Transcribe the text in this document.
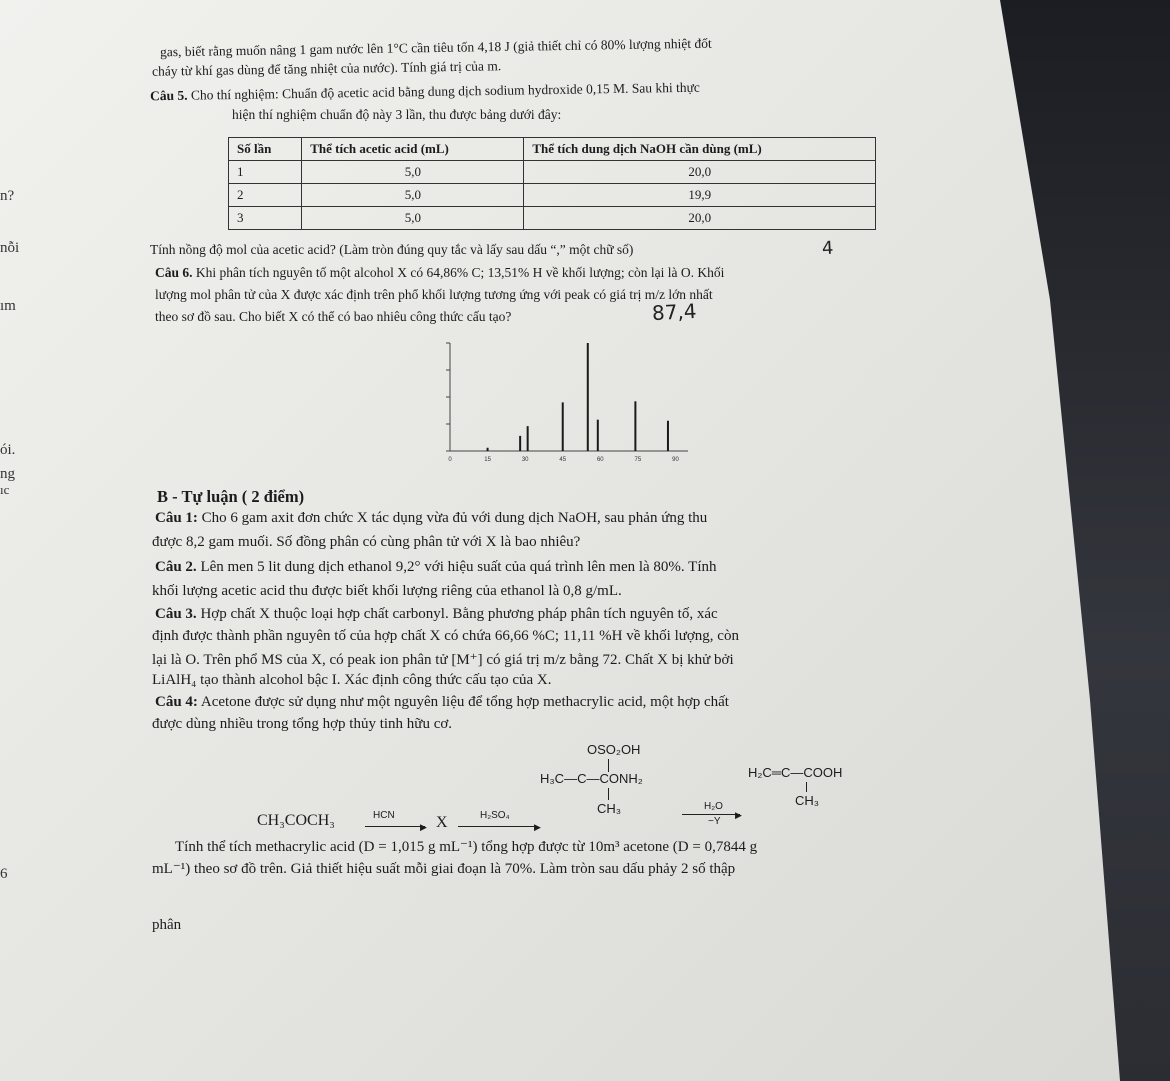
n?
nỗi
ım
ói.
ng
ıc
6
gas, biết rằng muốn nâng 1 gam nước lên 1°C cần tiêu tốn 4,18 J (giả thiết chỉ có 80% lượng nhiệt đốt
cháy từ khí gas dùng để tăng nhiệt của nước). Tính giá trị của m.
Câu 5. Cho thí nghiệm: Chuẩn độ acetic acid bằng dung dịch sodium hydroxide 0,15 M. Sau khi thực
hiện thí nghiệm chuẩn độ này 3 lần, thu được bảng dưới đây:
Số lần	Thể tích acetic acid (mL)	Thể tích dung dịch NaOH cần dùng (mL)
1	5,0	20,0
2	5,0	19,9
3	5,0	20,0
Tính nồng độ mol của acetic acid? (Làm tròn đúng quy tắc và lấy sau dấu “,” một chữ số)	4
Câu 6. Khi phân tích nguyên tố một alcohol X có 64,86% C; 13,51% H về khối lượng; còn lại là O. Khối
lượng mol phân tử của X được xác định trên phổ khối lượng tương ứng với peak có giá trị m/z lớn nhất
theo sơ đồ sau. Cho biết X có thể có bao nhiêu công thức cấu tạo?	87,4
0	15	30	45	60	75	90
B - Tự luận ( 2 điểm)
Câu 1: Cho 6 gam axit đơn chức X tác dụng vừa đủ với dung dịch NaOH, sau phản ứng thu
được 8,2 gam muối. Số đồng phân có cùng phân tử với X là bao nhiêu?
Câu 2. Lên men 5 lit dung dịch ethanol 9,2° với hiệu suất của quá trình lên men là 80%. Tính
khối lượng acetic acid thu được biết khối lượng riêng của ethanol là 0,8 g/mL.
Câu 3. Hợp chất X thuộc loại hợp chất carbonyl. Bằng phương pháp phân tích nguyên tố, xác
định được thành phần nguyên tố của hợp chất X có chứa 66,66 %C; 11,11 %H về khối lượng, còn
lại là O. Trên phổ MS của X, có peak ion phân tử [M⁺] có giá trị m/z bằng 72. Chất X bị khử bởi
LiAlH₄ tạo thành alcohol bậc I. Xác định công thức cấu tạo của X.
Câu 4: Acetone được sử dụng như một nguyên liệu để tổng hợp methacrylic acid, một hợp chất
được dùng nhiều trong tổng hợp thủy tinh hữu cơ.
OSO₂OH
H₃C—C—CONH₂
CH₃
H₂C═C—COOH
CH₃
CH₃COCH₃	HCN
▶ X	H₂SO₄
▶
H₂O
▶
−Y
Tính thể tích methacrylic acid (D = 1,015 g mL⁻¹) tổng hợp được từ 10m³ acetone (D = 0,7844 g
mL⁻¹) theo sơ đồ trên. Giả thiết hiệu suất mỗi giai đoạn là 70%. Làm tròn sau dấu phảy 2 số thập
phân
